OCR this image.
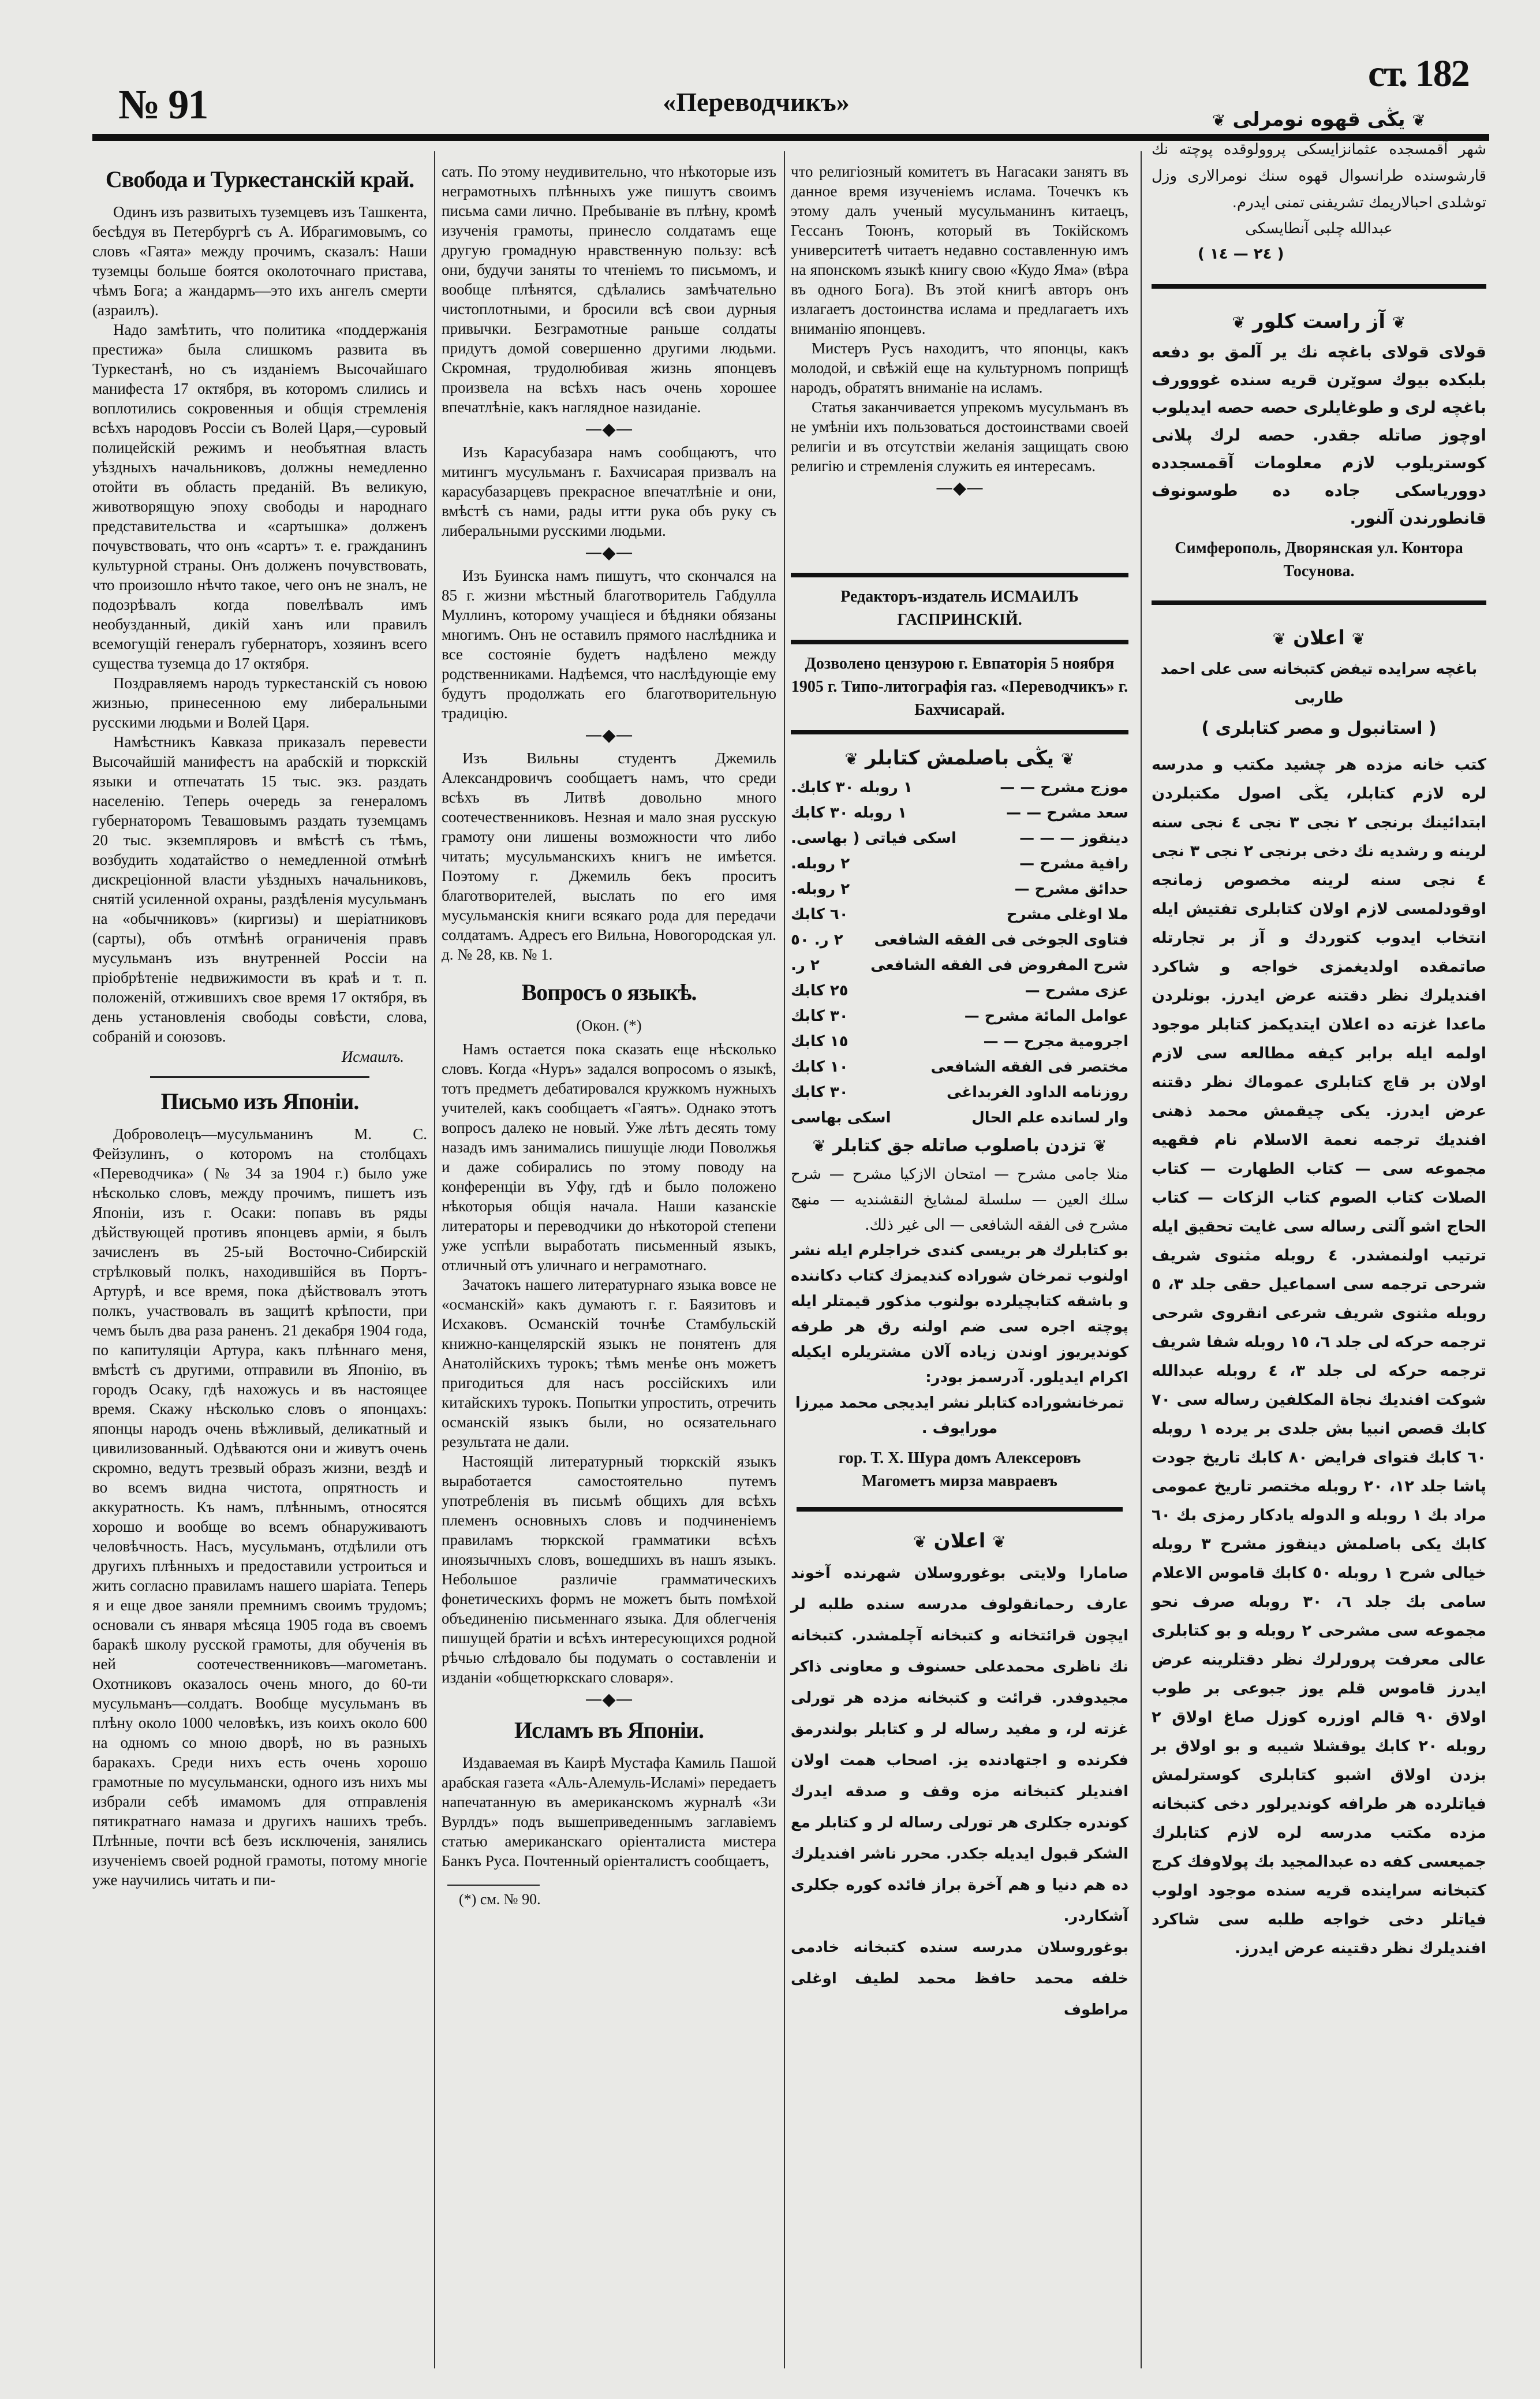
№ 91	«Переводчикъ»
ст. 182
Свобода и Туркестанскій край.

Одинъ изъ развитыхъ туземцевъ изъ Ташкента, бесѣдуя въ Петербургѣ съ А. Ибрагимовымъ, со словъ «Гаята» между прочимъ, сказалъ: Наши туземцы больше боятся околоточнаго пристава, чѣмъ Бога; а жандармъ—это ихъ ангелъ смерти (азраилъ).

Надо замѣтить, что политика «поддержанія престижа» была слишкомъ развита въ Туркестанѣ, но съ изданіемъ Высочайшаго манифеста 17 октября, въ которомъ слились и воплотились сокровенныя и общія стремленія всѣхъ народовъ Россіи съ Волей Царя,—суровый полицейскій режимъ и необъятная власть уѣздныхъ начальниковъ, должны немедленно отойти въ область преданій. Въ великую, животворящую эпоху свободы и народнаго представительства и «сартышка» долженъ почувствовать, что онъ «сартъ» т. е. гражданинъ культурной страны. Онъ долженъ почувствовать, что произошло нѣчто такое, чего онъ не зналъ, не подозрѣвалъ когда повелѣвалъ имъ необузданный, дикій ханъ или правилъ всемогущій генералъ губернаторъ, хозяинъ всего существа туземца до 17 октября.

Поздравляемъ народъ туркестанскій съ новою жизнью, принесенною ему либеральными русскими людьми и Волей Царя.

Намѣстникъ Кавказа приказалъ перевести Высочайшій манифестъ на арабскій и тюркскій языки и отпечатать 15 тыс. экз. раздать населенію. Теперь очередь за генераломъ губернаторомъ Тевашовымъ раздать туземцамъ 20 тыс. экземпляровъ и вмѣстѣ съ тѣмъ, возбудить ходатайство о немедленной отмѣнѣ дискреціонной власти уѣздныхъ начальниковъ, снятій усиленной охраны, раздѣленія мусульманъ на «обычниковъ» (киргизы) и шеріатниковъ (сарты), объ отмѣнѣ ограниченія правъ мусульманъ изъ внутренней Россіи на пріобрѣтеніе недвижимости въ краѣ и т. п. положеній, отжившихъ свое время 17 октября, въ день установленія свободы совѣсти, слова, собраній и союзовъ.

Исмаилъ.
Письмо изъ Японіи.

Добровoлецъ—мусульманинъ М. С. Фейзулинъ, о которомъ на столбцахъ «Переводчика» (№ 34 за 1904 г.) было уже нѣсколько словъ, между прочимъ, пишетъ изъ Японіи, изъ г. Осаки: попавъ въ ряды дѣйствующей противъ японцевъ арміи, я былъ зачисленъ въ 25-ый Восточно-Сибирскій стрѣлковый полкъ, находившійся въ Портъ-Артурѣ, и все время, пока дѣйствовалъ этотъ полкъ, участвовалъ въ защитѣ крѣпости, при чемъ былъ два раза раненъ. 21 декабря 1904 года, по капитуляціи Артура, какъ плѣннаго меня, вмѣстѣ съ другими, отправили въ Японію, въ городъ Осаку, гдѣ нахожусь и въ настоящее время. Скажу нѣсколько словъ о японцахъ: японцы народъ очень вѣжливый, деликатный и цивилизованный. Одѣваются они и живутъ очень скромно, ведутъ трезвый образъ жизни, вездѣ и во всемъ видна чистота, опрятность и аккуратность. Къ намъ, плѣннымъ, относятся хорошо и вообще во всемъ обнаруживаютъ человѣчность. Насъ, мусульманъ, отдѣлили отъ другихъ плѣнныхъ и предоставили устроиться и жить согласно правиламъ нашего шаріата. Теперь я и еще двое заняли премнимъ своимъ трудомъ; основали съ января мѣсяца 1905 года въ своемъ баракѣ школу русской грамоты, для обученія въ ней соотечественниковъ—магометанъ. Охотниковъ оказалось очень много, до 60-ти мусульманъ—солдатъ. Вообще мусульманъ въ плѣну около 1000 человѣкъ, изъ коихъ около 600 на одномъ со мною дворѣ, но въ разныхъ баракахъ. Среди нихъ есть очень хорошо грамотные по мусульмански, одного изъ нихъ мы избрали себѣ имамомъ для отправленія пятикратнаго намаза и другихъ нашихъ требъ. Плѣнные, почти всѣ безъ исключенія, занялись изученіемъ своей родной грамоты, потому многіе уже научились читать и пи-

сать. По этому неудивительно, что нѣкоторые изъ неграмотныхъ плѣнныхъ уже пишутъ своимъ письма сами лично. Пребываніе въ плѣну, кромѣ изученія грамоты, принесло солдатамъ еще другую громадную нравственную пользу: всѣ они, будучи заняты то чтеніемъ то письмомъ, и вообще плѣнятся, сдѣлались замѣчательно чистоплотными, и бросили всѣ свои дурныя привычки. Безграмотные раньше солдаты придутъ домой совершенно другими людьми. Скромная, трудолюбивая жизнь японцевъ произвела на всѣхъ насъ очень хорошее впечатлѣніе, какъ наглядное назиданіе.

—◆—

Изъ Карасубазара намъ сообщаютъ, что митингъ мусульманъ г. Бахчисарая призвалъ на карасубазарцевъ прекрасное впечатлѣніе и они, вмѣстѣ съ нами, рады итти рука объ руку съ либеральными русскими людьми.

—◆—

Изъ Буинска намъ пишутъ, что скончался на 85 г. жизни мѣстный благотворитель Габдулла Муллинъ, которому учащіеся и бѣдняки обязаны многимъ. Онъ не оставилъ прямого наслѣдника и все состояніе будетъ надѣлено между родственниками. Надѣемся, что наслѣдующіе ему будутъ продолжать его благотворительную традицію.

—◆—

Изъ Вильны студентъ Джемиль Александровичъ сообщаетъ намъ, что среди всѣхъ въ Литвѣ довольно много соотечественниковъ. Незная и мало зная русскую грамоту они лишены возможности что либо читать; мусульманскихъ книгъ не имѣется. Поэтому г. Джемиль бекъ проситъ благотворителей, выслать по его имя мусульманскія книги всякаго рода для передачи солдатамъ. Адресъ его Вильна, Новогородская ул. д. № 28, кв. № 1.

Вопросъ о языкѣ.
(Окон. (*)

Намъ остается пока сказать еще нѣсколько словъ. Когда «Нуръ» задался вопросомъ о языкѣ, тотъ предметъ дебатировался кружкомъ нужныхъ учителей, какъ сообщаетъ «Гаятъ». Однако этотъ вопросъ далеко не новый. Уже лѣтъ десять тому назадъ имъ занимались пишущіе люди Поволжья и даже собирались по этому поводу на конференціи въ Уфу, гдѣ и было положено нѣкоторыя общія начала. Наши казанскіе литераторы и переводчики до нѣкоторой степени уже успѣли выработать письменный языкъ, отличный отъ уличнаго и неграмотнаго.

Зачатокъ нашего литературнаго языка вовсе не «османскій» какъ думаютъ г. г. Баязитовъ и Исхаковъ. Османскій точнѣе Стамбульскій книжно-канцелярскій языкъ не понятенъ для Анатолійскихъ турокъ; тѣмъ менѣе онъ можетъ пригодиться для насъ россійскихъ или китайскихъ турокъ. Попытки упростить, отречить османскій языкъ были, но осязательнаго результата не дали.

Настоящій литературный тюркскій языкъ выработается самостоятельно путемъ употребленія въ письмѣ общихъ для всѣхъ племенъ основныхъ словъ и подчиненіемъ правиламъ тюркской грамматики всѣхъ иноязычныхъ словъ, вошедшихъ въ нашъ языкъ. Небольшое различіе грамматическихъ фонетическихъ формъ не можетъ быть помѣхой объединенію письменнаго языка. Для облегченія пишущей братіи и всѣхъ интересующихся родной рѣчью слѣдовало бы подумать о составленіи и изданіи «общетюркскаго словаря».

—◆—
Исламъ въ Японіи.

Издаваемая въ Каирѣ Мустафа Камиль Пашой арабская газета «Аль-Алемуль-Исламі» передаетъ напечатанную въ американскомъ журналѣ «Зи Вурлдъ» подъ вышеприведеннымъ заглавіемъ статью американскаго оріенталиста мистера Банкъ Руса. Почтенный оріенталистъ сообщаетъ,

(*) см. № 90.

что религіозный комитетъ въ Нагасаки занятъ въ данное время изученіемъ ислама. Точечкъ къ этому далъ ученый мусульманинъ китаецъ, Гессанъ Тоюнъ, который въ Токійскомъ университетѣ читаетъ недавно составленную имъ на японскомъ языкѣ книгу свою «Кудо Яма» (вѣра въ одного Бога). Въ этой книгѣ авторъ онъ излагаетъ достоинства ислама и предлагаетъ ихъ вниманію японцевъ.

Мистеръ Русъ находитъ, что японцы, какъ молодой, и свѣжій еще на культурномъ поприщѣ народъ, обратятъ вниманіе на исламъ.

Статья заканчивается упрекомъ мусульманъ въ не умѣніи ихъ пользоваться достоинствами своей религіи и въ отсутствіи желанія защищать свою религію и стремленія служить ея интересамъ.

—◆—
Редакторъ-издатель ИСМАИЛЪ ГАСПРИНСКІЙ.
Дозволено цензурою г. Евпаторія 5 ноября 1905 г. Типо-литографія газ. «Переводчикъ» г. Бахчисарай.
❦يڭى باصلمش كتابلر❦
موزج مشرح — —
١ روبله ٣٠ كابك.
سعد مشرح — —
١ روبله ٣٠ كابك
دينقوز — — —
اسكى فياتى ( بهاسى.
رافية مشرح —
٢ روبله.
حدائق مشرح —
٢ روبله.
ملا اوغلى مشرح
٦٠ كابك
فتاوى الجوخى فى الفقه الشافعى
٢ ر. ٥٠
شرح المفروض فى الفقه الشافعى
٢ ر.
عزى مشرح —
٢٥ كابك
عوامل المائة مشرح —
٣٠ كابك
اجرومية مجرح — —
١٥ كابك
مختصر فى الفقه الشافعى
١٠ كابك
روزنامه الداود الغربداغى
٣٠ كابك
وار لسانده علم الحال
اسكى بهاسى
❦تزدن باصلوب صاتله جق كتابلر❦
منلا جامى مشرح — امتحان الازكيا مشرح — شرح سلك العين — سلسلة لمشايخ النقشنديه — منهج مشرح فى الفقه الشافعى — الى غير ذلك.
بو كتابلرك هر بريسى كندى خراجلرم ايله نشر اولنوب تمرخان شوراده كنديمزك كتاب دكاننده و باشقه كتابچيلرده بولنوب مذكور قيمتلر ايله پوچته اجره سى ضم اولنه رق هر طرفه كونديريوز اوندن زياده آلان مشتريلره ايكيله اكرام ايديلور. آدرسمز بودر:
تمرخانشوراده كتابلر نشر ايديجى محمد ميرزا مورايوف .
гор. Т. Х. Шура домъ Алексеровъ
Магометъ мирза мавраевъ
❦اعلان❦
صامارا ولايتى بوغوروسلان شهرنده آخوند عارف رحمانقولوف مدرسه سنده طلبه لر ايچون قرائتخانه و كتبخانه آچلمشدر. كتبخانه نك ناظرى محمدعلى حسنوف و معاونى ذاكر مجيدوفدر. قرائت و كتبخانه مزده هر تورلى غزته لر، و مفيد رساله لر و كتابلر بولندرمق فكرنده و اجتهادنده يز. اصحاب همت اولان افنديلر كتبخانه مزه وقف و صدقه ايدرك كوندره جكلرى هر تورلى رساله لر و كتابلر مع الشكر قبول ايديله جكدر. محرر ناشر افنديلرك ده هم دنيا و هم آخرة براز فائده كوره جكلرى آشكاردر.
بوغوروسلان مدرسه سنده كتبخانه خادمى خلفه محمد حافظ محمد لطيف اوغلى مراطوف
❦يڭى قهوه نومرلى❦
شهر آقمسجده عثمانزايسكى پروولوقده پوچته نك قارشوسنده طرانسوال قهوه سنك نومرالارى وزل توشلدى احبالاريمك تشريفنى تمنى ايدرم.
عبدالله چلبى آنطايسكى
( ٢٤ — ١٤ )
❦آز راست كلور❦
قولاى قولاى باغچه نك ير آلمق بو دفعه بلبكده بيوك سوێرن قريه سنده غووورف باغچه لرى و طوغايلرى حصه حصه ايديلوب اوچوز صاتله جقدر. حصه لرك پلانى كوستريلوب لازم معلومات آقمسجدده دوورياسكى جاده ده طوسونوف قانطورندن آلنور.
Симферополь, Дворянская ул. Контора Тосунова.
❦اعلان❦
باغچه سرايده تيفض كتبخانه سى على احمد طاربى
( استانبول و مصر كتابلرى )
كتب خانه مزده هر چشيد مكتب و مدرسه لره لازم كتابلر، يڭى اصول مكتبلردن ابتدائينك برنجى ٢ نجى ٣ نجى ٤ نجى سنه لرينه و رشديه نك دخى برنجى ٢ نجى ٣ نجى ٤ نجى سنه لرينه مخصوص زمانجه اوقودلمسى لازم اولان كتابلرى تفتيش ايله انتخاب ايدوب كتوردك و آز بر تجارتله صاتمقده اولديغمزى خواجه و شاكرد افنديلرك نظر دقتنه عرض ايدرز. بونلردن ماعدا غزته ده اعلان ايتديكمز كتابلر موجود اولمه ايله برابر كيفه مطالعه سى لازم اولان بر قاچ كتابلرى عموماك نظر دقتنه عرض ايدرز. يكى چيقمش محمد ذهنى افنديك ترجمه نعمة الاسلام نام فقهيه مجموعه سى — كتاب الطهارت — كتاب الصلات كتاب الصوم كتاب الزكات — كتاب الحاج اشو آلتى رساله سى غايت تحقيق ايله ترتيب اولنمشدر. ٤ روبله مثنوى شريف شرحى ترجمه سى اسماعيل حقى جلد ٣، ٥ روبله مثنوى شريف شرعى انقروى شرحى ترجمه حركه لى جلد ٦، ١٥ روبله شفا شريف ترجمه حركه لى جلد ٣، ٤ روبله عبدالله شوكت افنديك نجاة المكلفين رساله سى ٧٠ كابك قصص انبيا بش جلدى بر يرده ١ روبله ٦٠ كابك فتواى فرايض ٨٠ كابك تاريخ جودت پاشا جلد ١٢، ٢٠ روبله مختصر تاريخ عمومى مراد بك ١ روبله و الدوله يادكار رمزى بك ٦٠ كابك يكى باصلمش دينقوز مشرح ٣ روبله خيالى شرح ١ روبله ٥٠ كابك قاموس الاعلام سامى بك جلد ٦، ٣٠ روبله صرف نحو مجموعه سى مشرحى ٢ روبله و بو كتابلرى عالى معرفت پرورلرك نظر دقتلرينه عرض ايدرز قاموس قلم يوز جبوعى بر طوب اولاق ٩٠ قالم اوزره كوزل صاغ اولاق ٢ روبله ٢٠ كابك يوقشلا شيبه و بو اولاق بر بزدن اولاق اشبو كتابلرى كوسترلمش فياتلرده هر طرافه كونديرلور دخى كتبخانه مزده مكتب مدرسه لره لازم كتابلرك جميعسى كفه ده عبدالمجيد بك پولاوفك كرج كتبخانه سراينده قريه سنده موجود اولوب فياتلر دخى خواجه طلبه سى شاكرد افنديلرك نظر دقتينه عرض ايدرز.
